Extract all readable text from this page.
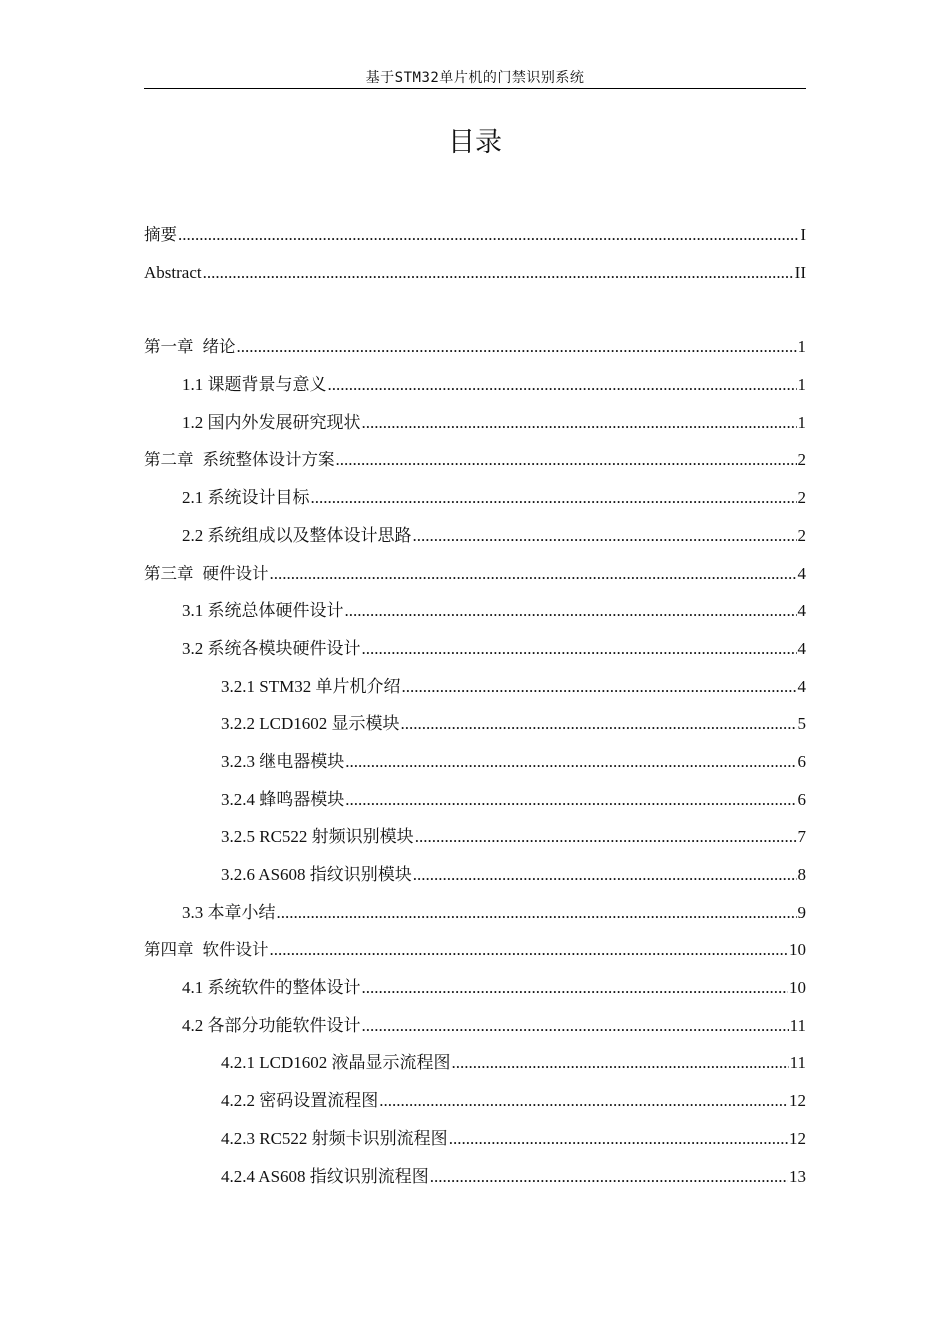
基于STM32单片机的门禁识别系统
目录
摘要 .....	I
Abstract .....	II
第一章 绪论 .....	1
1.1 课题背景与意义 .....	1
1.2 国内外发展研究现状 .....	1
第二章 系统整体设计方案 .....	2
2.1 系统设计目标 .....	2
2.2 系统组成以及整体设计思路 .....	2
第三章 硬件设计 .....	4
3.1 系统总体硬件设计 .....	4
3.2 系统各模块硬件设计 .....	4
3.2.1 STM32 单片机介绍 .....	4
3.2.2 LCD1602 显示模块 .....	5
3.2.3 继电器模块 .....	6
3.2.4 蜂鸣器模块 .....	6
3.2.5 RC522 射频识别模块 .....	7
3.2.6 AS608 指纹识别模块 .....	8
3.3 本章小结 .....	9
第四章 软件设计 .....	10
4.1 系统软件的整体设计 .....	10
4.2 各部分功能软件设计 .....	11
4.2.1 LCD1602 液晶显示流程图 .....	11
4.2.2 密码设置流程图 .....	12
4.2.3 RC522 射频卡识别流程图 .....	12
4.2.4 AS608 指纹识别流程图 .....	13
